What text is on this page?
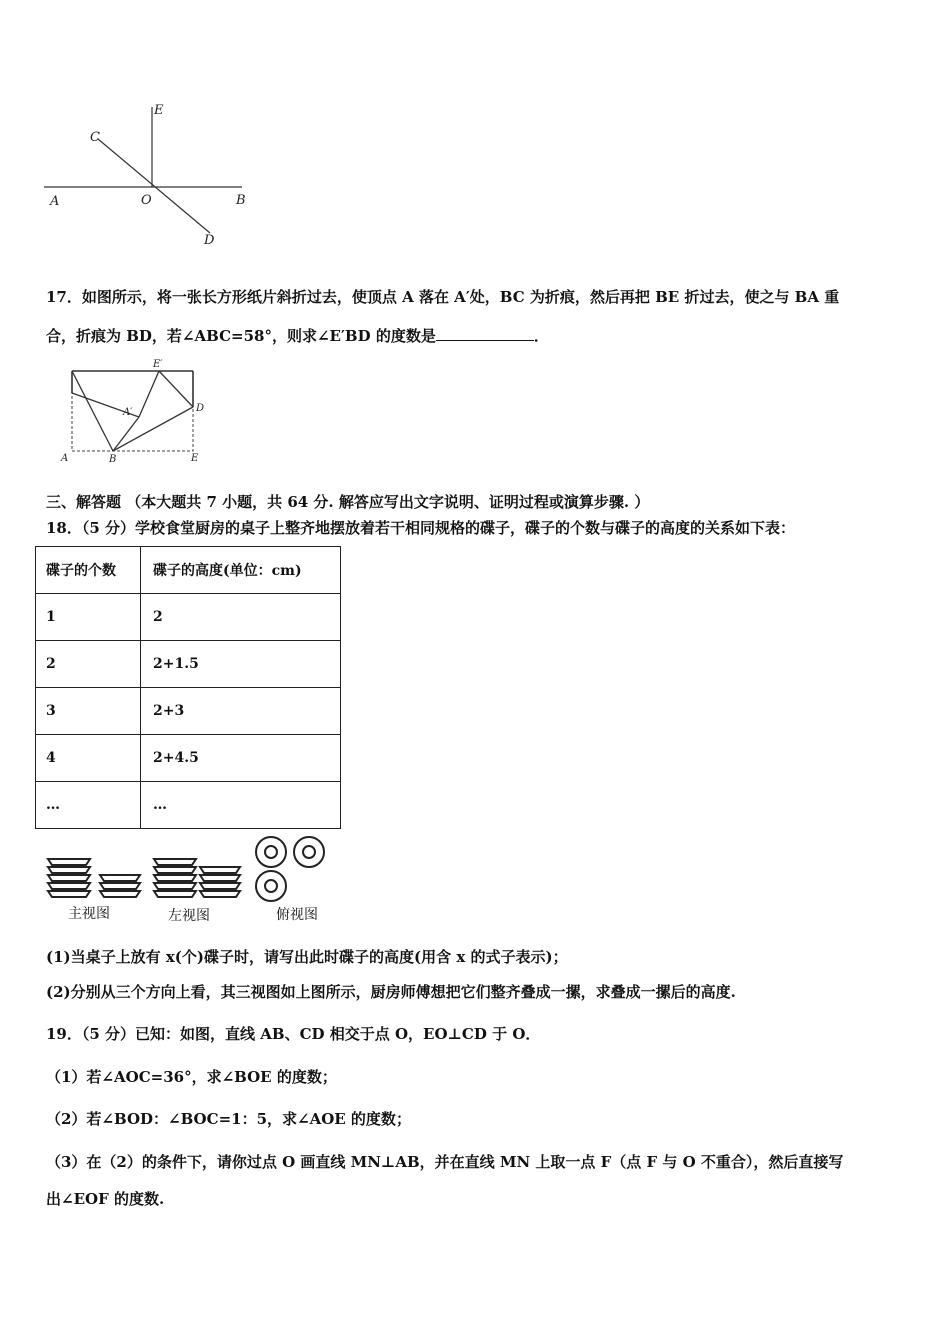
A	O	B
C
E
D
17．如图所示，将一张长方形纸片斜折过去，使顶点 A 落在 A′处，BC 为折痕，然后再把 BE 折过去，使之与 BA 重
合，折痕为 BD，若∠ABC=58°，则求∠E′BD 的度数是	．
E′
A′	D
A	B	E
三、解答题 （本大题共 7 小题，共 64 分. 解答应写出文字说明、证明过程或演算步骤. ）
18．（5 分）学校食堂厨房的桌子上整齐地摆放着若干相同规格的碟子，碟子的个数与碟子的高度的关系如下表：
碟子的个数	碟子的高度(单位：cm)
1	2
2	2+1.5
3	2+3
4	2+4.5
…	…
主视图	左视图	俯视图
(1)当桌子上放有 x(个)碟子时，请写出此时碟子的高度(用含 x 的式子表示)；
(2)分别从三个方向上看，其三视图如上图所示，厨房师傅想把它们整齐叠成一摞，求叠成一摞后的高度.
19．（5 分）已知：如图，直线 AB、CD 相交于点 O，EO⊥CD 于 O．
（1）若∠AOC=36°，求∠BOE 的度数；
（2）若∠BOD：∠BOC=1：5，求∠AOE 的度数；
（3）在（2）的条件下，请你过点 O 画直线 MN⊥AB，并在直线 MN 上取一点 F（点 F 与 O 不重合），然后直接写
出∠EOF 的度数.
